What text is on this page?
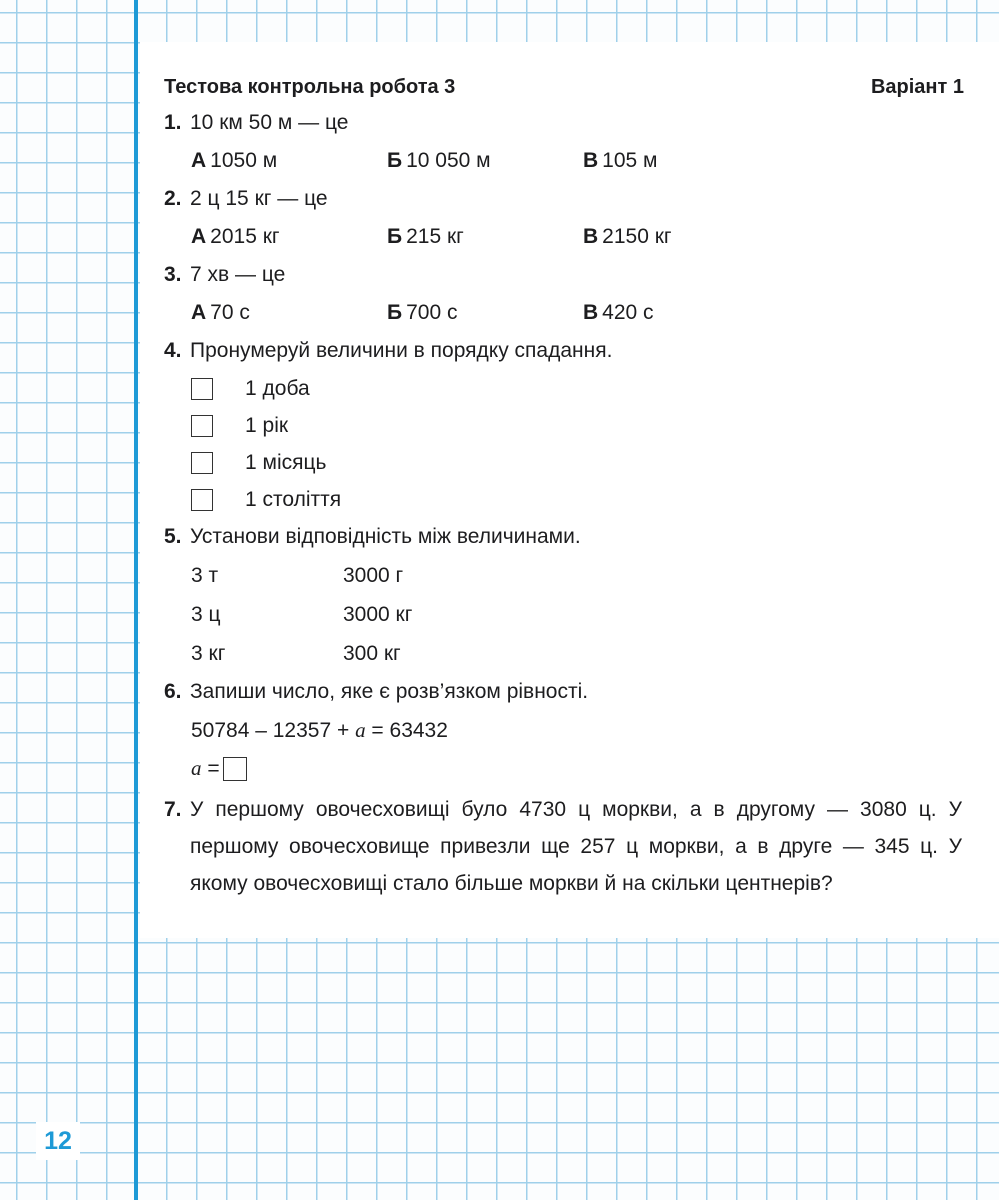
12
Тестова контрольна робота 3	Варіант 1
1. 10 км 50 м — це
А 1050 м	Б 10 050 м	В 105 м
2. 2 ц 15 кг — це
А 2015 кг	Б 215 кг	В 2150 кг
3. 7 хв — це
А 70 с	Б 700 с	В 420 с
4. Пронумеруй величини в порядку спадання.
1 доба
1 рік
1 місяць
1 століття
5. Установи відповідність між величинами.
3 т	3000 г
3 ц	3000 кг
3 кг	300 кг
6. Запиши число, яке є розв’язком рівності.
50784 – 12357 + a = 63432
a =
7. У першому овочесховищі було 4730 ц моркви, а в другому — 3080 ц. У першому овочесховище привезли ще 257 ц моркви, а в друге — 345 ц. У якому овочесховищі стало більше моркви й на скільки центнерів?
